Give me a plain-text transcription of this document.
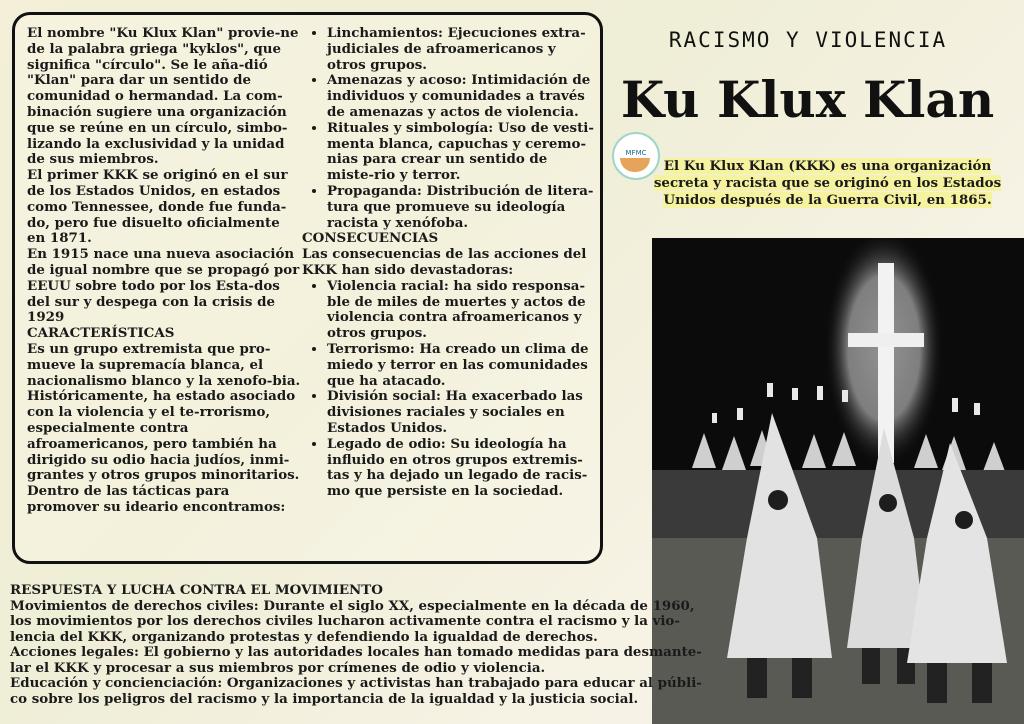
El nombre "Ku Klux Klan" provie-ne de la palabra griega "kyklos", que significa "círculo". Se le aña-dió "Klan" para dar un sentido de comunidad o hermandad. La com-binación sugiere una organización que se reúne en un círculo, simbo-lizando la exclusividad y la unidad de sus miembros.

El primer KKK se originó en el sur de los Estados Unidos, en estados como Tennessee, donde fue funda-do, pero fue disuelto oficialmente en 1871.

En 1915 nace una nueva asociación de igual nombre que se propagó por EEUU sobre todo por los Esta-dos del sur y despega con la crisis de 1929

CARACTERÍSTICAS

Es un grupo extremista que pro-mueve la supremacía blanca, el nacionalismo blanco y la xenofo-bia. Históricamente, ha estado asociado con la violencia y el te-rrorismo, especialmente contra afroamericanos, pero también ha dirigido su odio hacia judíos, inmi-grantes y otros grupos minoritarios.

Dentro de las tácticas para promover su ideario encontramos:

• Linchamientos: Ejecuciones extra-judiciales de afroamericanos y otros grupos.
• Amenazas y acoso: Intimidación de individuos y comunidades a través de amenazas y actos de violencia.
• Rituales y simbología: Uso de vesti-menta blanca, capuchas y ceremo-nias para crear un sentido de miste-rio y terror.
• Propaganda: Distribución de litera-tura que promueve su ideología racista y xenófoba.

CONSECUENCIAS

Las consecuencias de las acciones del KKK han sido devastadoras:

• Violencia racial: ha sido responsa-ble de miles de muertes y actos de violencia contra afroamericanos y otros grupos.
• Terrorismo: Ha creado un clima de miedo y terror en las comunidades que ha atacado.
• División social: Ha exacerbado las divisiones raciales y sociales en Estados Unidos.
• Legado de odio: Su ideología ha influido en otros grupos extremis-tas y ha dejado un legado de racis-mo que persiste en la sociedad.
RACISMO Y VIOLENCIA
Ku Klux Klan
MFMC
El Ku Klux Klan (KKK) es una organización secreta y racista que se originó en los Estados Unidos después de la Guerra Civil, en 1865.

RESPUESTA Y LUCHA CONTRA EL MOVIMIENTO

Movimientos de derechos civiles: Durante el siglo XX, especialmente en la década de 1960, los movimientos por los derechos civiles lucharon activamente contra el racismo y la vio-lencia del KKK, organizando protestas y defendiendo la igualdad de derechos.

Acciones legales: El gobierno y las autoridades locales han tomado medidas para desmante-lar el KKK y procesar a sus miembros por crímenes de odio y violencia.

Educación y concienciación: Organizaciones y activistas han trabajado para educar al públi-co sobre los peligros del racismo y la importancia de la igualdad y la justicia social.
